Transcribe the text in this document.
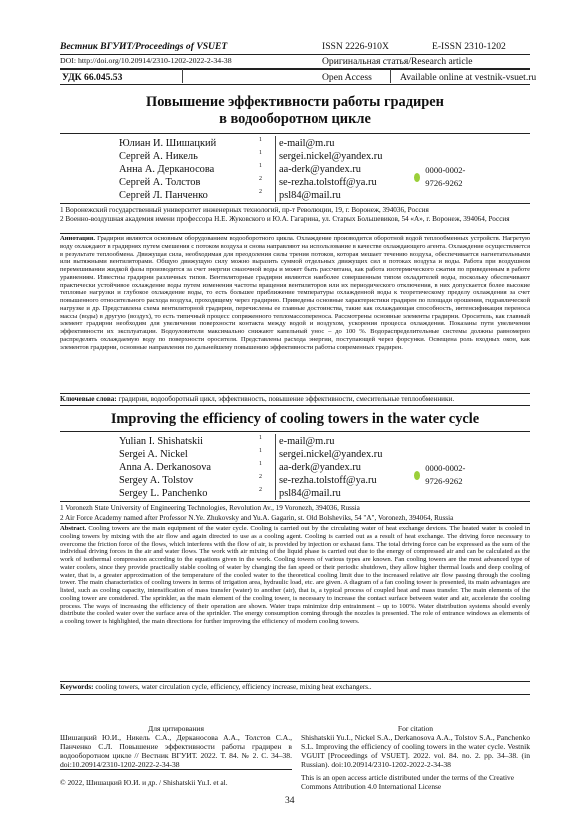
Вестник ВГУИТ/Proceedings of VSUET	ISSN 2226-910X	E-ISSN 2310-1202
DOI: http://doi.org/10.20914/2310-1202-2022-2-34-38	Оригинальная статья/Research article
УДК 66.045.53	Open Access	Available online at vestnik-vsuet.ru
Повышение эффективности работы градирен
в водооборотном цикле
Юлиан И. Шишацкий	1 e-mail@m.ru
Сергей А. Никель	1 sergei.nickel@yandex.ru
Анна А. Дерканосова	1 aa-derk@yandex.ru	0000-0002-9726-9262
Сергей А. Толстов	2 se-rezha.tolstoff@ya.ru
Сергей Л. Панченко	2 psl84@mail.ru
1 Воронежский государственный университет инженерных технологий, пр-т Революции, 19, г. Воронеж, 394036, Россия
2 Военно-воздушная академия имени профессора Н.Е. Жуковского и Ю.А. Гагарина, ул. Старых Большевиков, 54 «А», г. Воронеж, 394064, Россия
Аннотация. Градирни являются основным оборудованием водооборотного цикла. Охлаждение производится оборотной водой теплообменных устройств. Нагретую воду охлаждают в градирнях путем смешения с потоком воздуха и снова направляют на использование в качестве охлаждающего агента. Охлаждение осуществляется в результате теплообмена. Движущая сила, необходимая для преодоления силы трения потоков, которая мешает течению воздуха, обеспечивается нагнетательными или вытяжными вентиляторами. Общую движущую силу можно выразить суммой отдельных движущих сил в потоках воздуха и воды. Работа при воздушном перемешивании жидкой фазы производится за счет энергии смазочной воды и может быть рассчитана, как работа изотермического сжатия по приведенным в работе уравнениям. Известны градирни различных типов. Вентиляторные градирни являются наиболее совершенным типом охладителей воды, поскольку обеспечивают практически устойчивое охлаждение воды путем изменения частоты вращения вентиляторов или их периодического отключения, в них допускается более высокие тепловые нагрузки и глубокое охлаждение воды, то есть большее приближение температуры охлажденной воды к теоретическому пределу охлаждения за счет повышенного относительного расхода воздуха, проходящему через градирню. Приведены основные характеристики градирен по площади орошения, гидравлической нагрузке и др. Представлена схема вентиляторной градирни, перечислены ее главные достоинства, такие как охлаждающая способность, интенсификация переноса массы (воды) в другую (воздух), то есть типичный процесс сопряженного тепломассопереноса. Рассмотрены основные элементы градирни. Ороситель, как главный элемент градирни необходим для увеличения поверхности контакта между водой и воздухом, ускорения процесса охлаждения. Показаны пути увеличения эффективности их эксплуатации. Водоуловители максимально снижают капельный унос – до 100 %. Водораспределительные системы должны равномерно распределять охлаждаемую воду по поверхности оросителя. Представлены расхода энергии, поступающей через форсунки. Освещена роль входных окон, как элементов градирни, основные направления по дальнейшему повышению эффективности работы современных градирен.
Ключевые слова: градирни, водооборотный цикл, эффективность, повышение эффективности, смесительные теплообменники.
Improving the efficiency of cooling towers in the water cycle
Yulian I. Shishatskii	1 e-mail@m.ru
Sergei A. Nickel	1 sergei.nickel@yandex.ru
Anna A. Derkanosova	1 aa-derk@yandex.ru	0000-0002-9726-9262
Sergey A. Tolstov	2 se-rezha.tolstoff@ya.ru
Sergey L. Panchenko	2 psl84@mail.ru
1 Voronezh State University of Engineering Technologies, Revolution Av., 19 Voronezh, 394036, Russia
2 Air Force Academy named after Professor N.Ye. Zhukovsky and Yu.A. Gagarin, st. Old Bolsheviks, 54 "A", Voronezh, 394064, Russia
Abstract. Cooling towers are the main equipment of the water cycle. Cooling is carried out by the circulating water of heat exchange devices. The heated water is cooled in cooling towers by mixing with the air flow and again directed to use as a cooling agent. Cooling is carried out as a result of heat exchange. The driving force necessary to overcome the friction force of the flows, which interferes with the flow of air, is provided by injection or exhaust fans. The total driving force can be expressed as the sum of the individual driving forces in the air and water flows. The work with air mixing of the liquid phase is carried out due to the energy of compressed air and can be calculated as the work of isothermal compression according to the equations given in the work. Cooling towers of various types are known. Fan cooling towers are the most advanced type of water coolers, since they provide practically stable cooling of water by changing the fan speed or their periodic shutdown, they allow higher thermal loads and deep cooling of water, that is, a greater approximation of the temperature of the cooled water to the theoretical cooling limit due to the increased relative air flow passing through the cooling tower. The main characteristics of cooling towers in terms of irrigation area, hydraulic load, etc. are given. A diagram of a fan cooling tower is presented, its main advantages are listed, such as cooling capacity, intensification of mass transfer (water) to another (air), that is, a typical process of coupled heat and mass transfer. The main elements of the cooling tower are considered. The sprinkler, as the main element of the cooling tower, is necessary to increase the contact surface between water and air, accelerate the cooling process. The ways of increasing the efficiency of their operation are shown. Water traps minimize drip entrainment – up to 100%. Water distribution systems should evenly distribute the cooled water over the surface area of the sprinkler. The energy consumption coming through the nozzles is presented. The role of entrance windows as elements of a cooling tower is highlighted, the main directions for further improving the efficiency of modern cooling towers.
Keywords: cooling towers, water circulation cycle, efficiency, efficiency increase, mixing heat exchangers..
Для цитирования
Шишацкий Ю.И., Никель С.А., Дерканосова А.А., Толстов С.А., Панченко С.Л. Повышение эффективности работы градирен в водооборотном цикле // Вестник ВГУИТ. 2022. Т. 84. № 2. С. 34–38. doi:10.20914/2310-1202-2022-2-34-38
For citation
Shishatskii Yu.I., Nickel S.A., Derkanosova A.A., Tolstov S.A., Panchenko S.L. Improving the efficiency of cooling towers in the water cycle. Vestnik VGUIT [Proceedings of VSUET]. 2022. vol. 84. no. 2. pp. 34–38. (in Russian). doi:10.20914/2310-1202-2022-2-34-38
© 2022, Шишацкий Ю.И. и др. / Shishatskii Yu.I. et al.
This is an open access article distributed under the terms of the Creative Commons Attribution 4.0 International License
34
